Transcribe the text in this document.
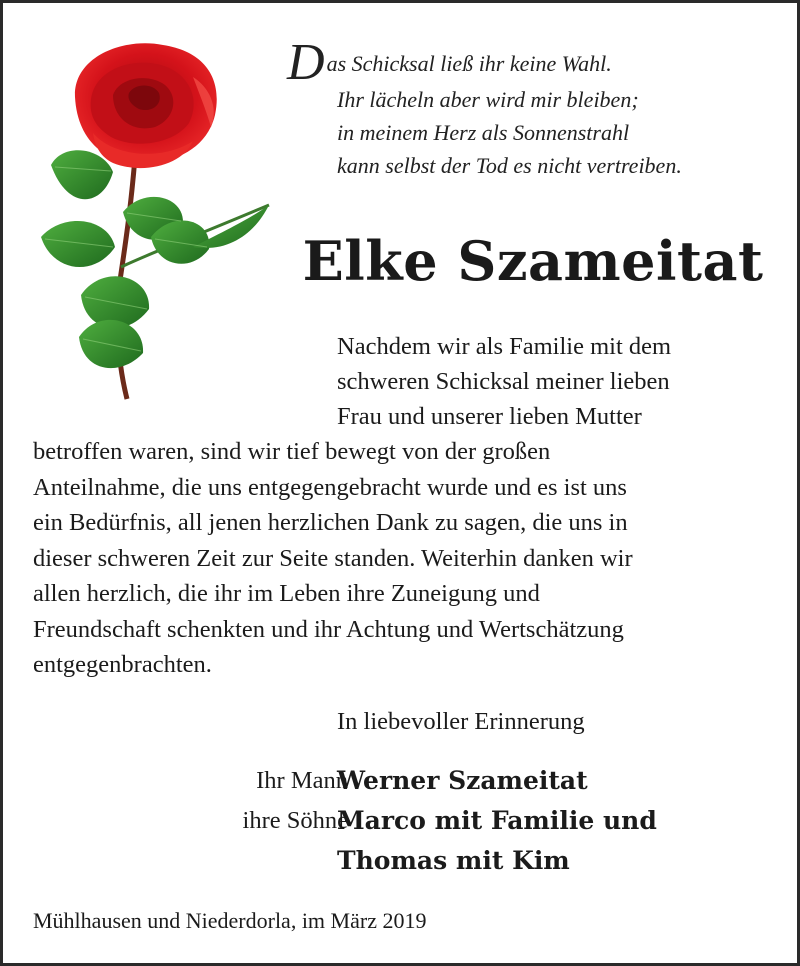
Das Schicksal ließ ihr keine Wahl.
Ihr lächeln aber wird mir bleiben;
in meinem Herz als Sonnenstrahl
kann selbst der Tod es nicht vertreiben.
Elke Szameitat
Nachdem wir als Familie mit dem
schweren Schicksal meiner lieben
Frau und unserer lieben Mutter
betroffen waren, sind wir tief bewegt von der großen
Anteilnahme, die uns entgegengebracht wurde und es ist uns
ein Bedürfnis, all jenen herzlichen Dank zu sagen, die uns in
dieser schweren Zeit zur Seite standen. Weiterhin danken wir
allen herzlich, die ihr im Leben ihre Zuneigung und
Freundschaft schenkten und ihr Achtung und Wertschätzung
entgegenbrachten.
In liebevoller Erinnerung
Ihr Mann
Werner Szameitat
ihre Söhne
Marco mit Familie und
Thomas mit Kim
Mühlhausen und Niederdorla, im März 2019
